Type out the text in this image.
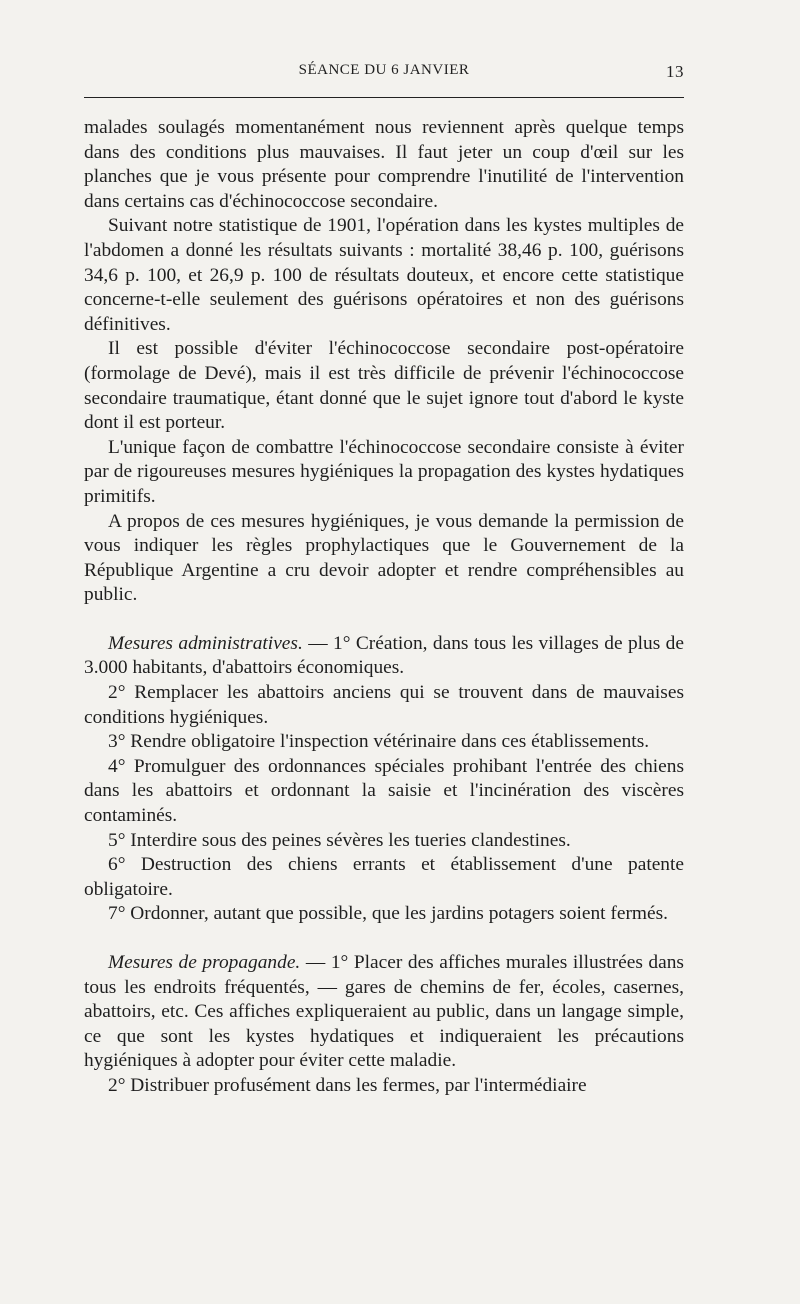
SÉANCE DU 6 JANVIER	13

malades soulagés momentanément nous reviennent après quelque temps dans des conditions plus mauvaises. Il faut jeter un coup d'œil sur les planches que je vous présente pour comprendre l'inutilité de l'intervention dans certains cas d'échinococcose secondaire.

Suivant notre statistique de 1901, l'opération dans les kystes multiples de l'abdomen a donné les résultats suivants : mortalité 38,46 p. 100, guérisons 34,6 p. 100, et 26,9 p. 100 de résultats douteux, et encore cette statistique concerne-t-elle seulement des guérisons opératoires et non des guérisons définitives.

Il est possible d'éviter l'échinococcose secondaire post-opératoire (formolage de Devé), mais il est très difficile de prévenir l'échinococcose secondaire traumatique, étant donné que le sujet ignore tout d'abord le kyste dont il est porteur.

L'unique façon de combattre l'échinococcose secondaire consiste à éviter par de rigoureuses mesures hygiéniques la propagation des kystes hydatiques primitifs.

A propos de ces mesures hygiéniques, je vous demande la permission de vous indiquer les règles prophylactiques que le Gouvernement de la République Argentine a cru devoir adopter et rendre compréhensibles au public.

Mesures administratives. — 1° Création, dans tous les villages de plus de 3.000 habitants, d'abattoirs économiques.

2° Remplacer les abattoirs anciens qui se trouvent dans de mauvaises conditions hygiéniques.

3° Rendre obligatoire l'inspection vétérinaire dans ces établissements.

4° Promulguer des ordonnances spéciales prohibant l'entrée des chiens dans les abattoirs et ordonnant la saisie et l'incinération des viscères contaminés.

5° Interdire sous des peines sévères les tueries clandestines.

6° Destruction des chiens errants et établissement d'une patente obligatoire.

7° Ordonner, autant que possible, que les jardins potagers soient fermés.

Mesures de propagande. — 1° Placer des affiches murales illustrées dans tous les endroits fréquentés, — gares de chemins de fer, écoles, casernes, abattoirs, etc. Ces affiches expliqueraient au public, dans un langage simple, ce que sont les kystes hydatiques et indiqueraient les précautions hygiéniques à adopter pour éviter cette maladie.

2° Distribuer profusément dans les fermes, par l'intermédiaire
